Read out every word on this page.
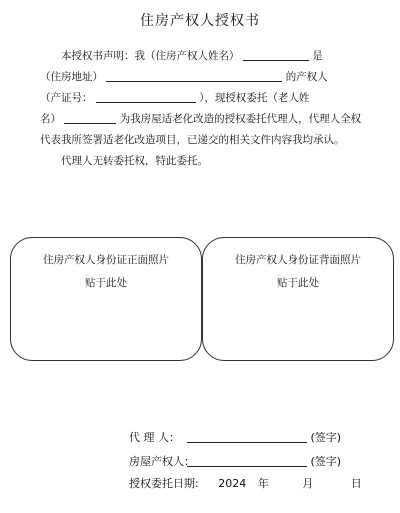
住房产权人授权书

本授权书声明：我（住房产权人姓名）	是
（住房地址）	的产权人
（产证号：	），现授权委托（老人姓
名）	为我房屋适老化改造的授权委托代理人，代理人全权代表我所签署适老化改造项目，已递交的相关文件内容我均承认。

代理人无转委托权，特此委托。

住房产权人身份证正面照片
贴于此处
住房产权人身份证背面照片
贴于此处
代 理 人：	(签字)
房屋产权人：	(签字)
授权委托日期: 2024 年	月	日
